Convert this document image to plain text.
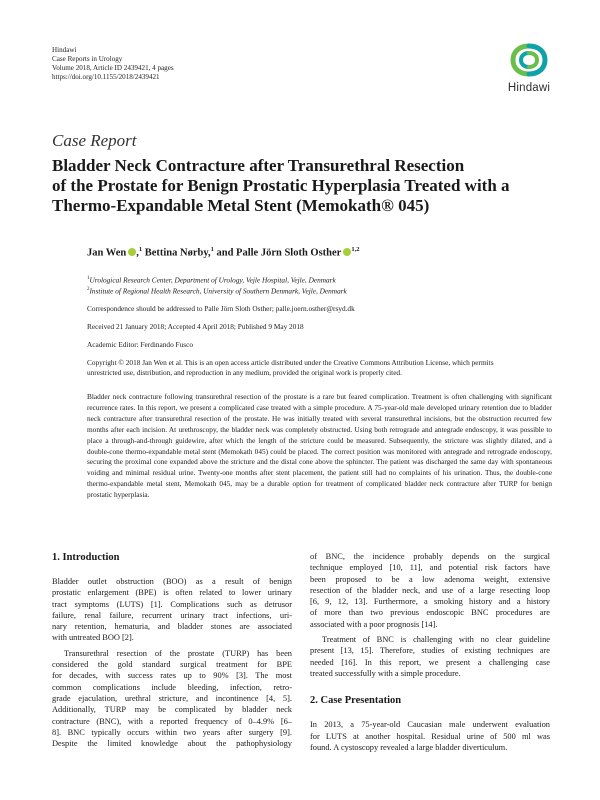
Hindawi
Case Reports in Urology
Volume 2018, Article ID 2439421, 4 pages
https://doi.org/10.1155/2018/2439421
Hindawi
Case Report
Bladder Neck Contracture after Transurethral Resection
of the Prostate for Benign Prostatic Hyperplasia Treated with a
Thermo-Expandable Metal Stent (Memokath® 045)
Jan Wen ,$^1$ Bettina Nørby,$^1$ and Palle Jörn Sloth Osther $^{1,2}$
$^1$Urological Research Center, Department of Urology, Vejle Hospital, Vejle, Denmark
$^2$Institute of Regional Health Research, University of Southern Denmark, Vejle, Denmark
Correspondence should be addressed to Palle Jörn Sloth Osther; palle.joern.osther@rsyd.dk
Received 21 January 2018; Accepted 4 April 2018; Published 9 May 2018
Academic Editor: Ferdinando Fusco
Copyright © 2018 Jan Wen et al. This is an open access article distributed under the Creative Commons Attribution License, which permits unrestricted use, distribution, and reproduction in any medium, provided the original work is properly cited.
Bladder neck contracture following transurethral resection of the prostate is a rare but feared complication. Treatment is often challenging with significant recurrence rates. In this report, we present a complicated case treated with a simple procedure. A 75-year-old male developed urinary retention due to bladder neck contracture after transurethral resection of the prostate. He was initially treated with several transurethral incisions, but the obstruction recurred few months after each incision. At urethroscopy, the bladder neck was completely obstructed. Using both retrograde and antegrade endoscopy, it was possible to place a through-and-through guidewire, after which the length of the stricture could be measured. Subsequently, the stricture was slightly dilated, and a double-cone thermo-expandable metal stent (Memokath 045) could be placed. The correct position was monitored with antegrade and retrograde endoscopy, securing the proximal cone expanded above the stricture and the distal cone above the sphincter. The patient was discharged the same day with spontaneous voiding and minimal residual urine. Twenty-one months after stent placement, the patient still had no complaints of his urination. Thus, the double-cone thermo-expandable metal stent, Memokath 045, may be a durable option for treatment of complicated bladder neck contracture after TURP for benign prostatic hyperplasia.
1. Introduction
Bladder outlet obstruction (BOO) as a result of benign
prostatic enlargement (BPE) is often related to lower urinary
tract symptoms (LUTS) [1]. Complications such as detrusor
failure, renal failure, recurrent urinary tract infections, uri-
nary retention, hematuria, and bladder stones are associated
with untreated BOO [2].
Transurethral resection of the prostate (TURP) has been
considered the gold standard surgical treatment for BPE
for decades, with success rates up to 90% [3]. The most
common complications include bleeding, infection, retro-
grade ejaculation, urethral stricture, and incontinence [4, 5].
Additionally, TURP may be complicated by bladder neck
contracture (BNC), with a reported frequency of 0–4.9% [6–
8]. BNC typically occurs within two years after surgery [9].
Despite the limited knowledge about the pathophysiology
of BNC, the incidence probably depends on the surgical
technique employed [10, 11], and potential risk factors have
been proposed to be a low adenoma weight, extensive
resection of the bladder neck, and use of a large resecting loop
[6, 9, 12, 13]. Furthermore, a smoking history and a history
of more than two previous endoscopic BNC procedures are
associated with a poor prognosis [14].
Treatment of BNC is challenging with no clear guideline
present [13, 15]. Therefore, studies of existing techniques are
needed [16]. In this report, we present a challenging case
treated successfully with a simple procedure.
2. Case Presentation
In 2013, a 75-year-old Caucasian male underwent evaluation
for LUTS at another hospital. Residual urine of 500 ml was
found. A cystoscopy revealed a large bladder diverticulum.
